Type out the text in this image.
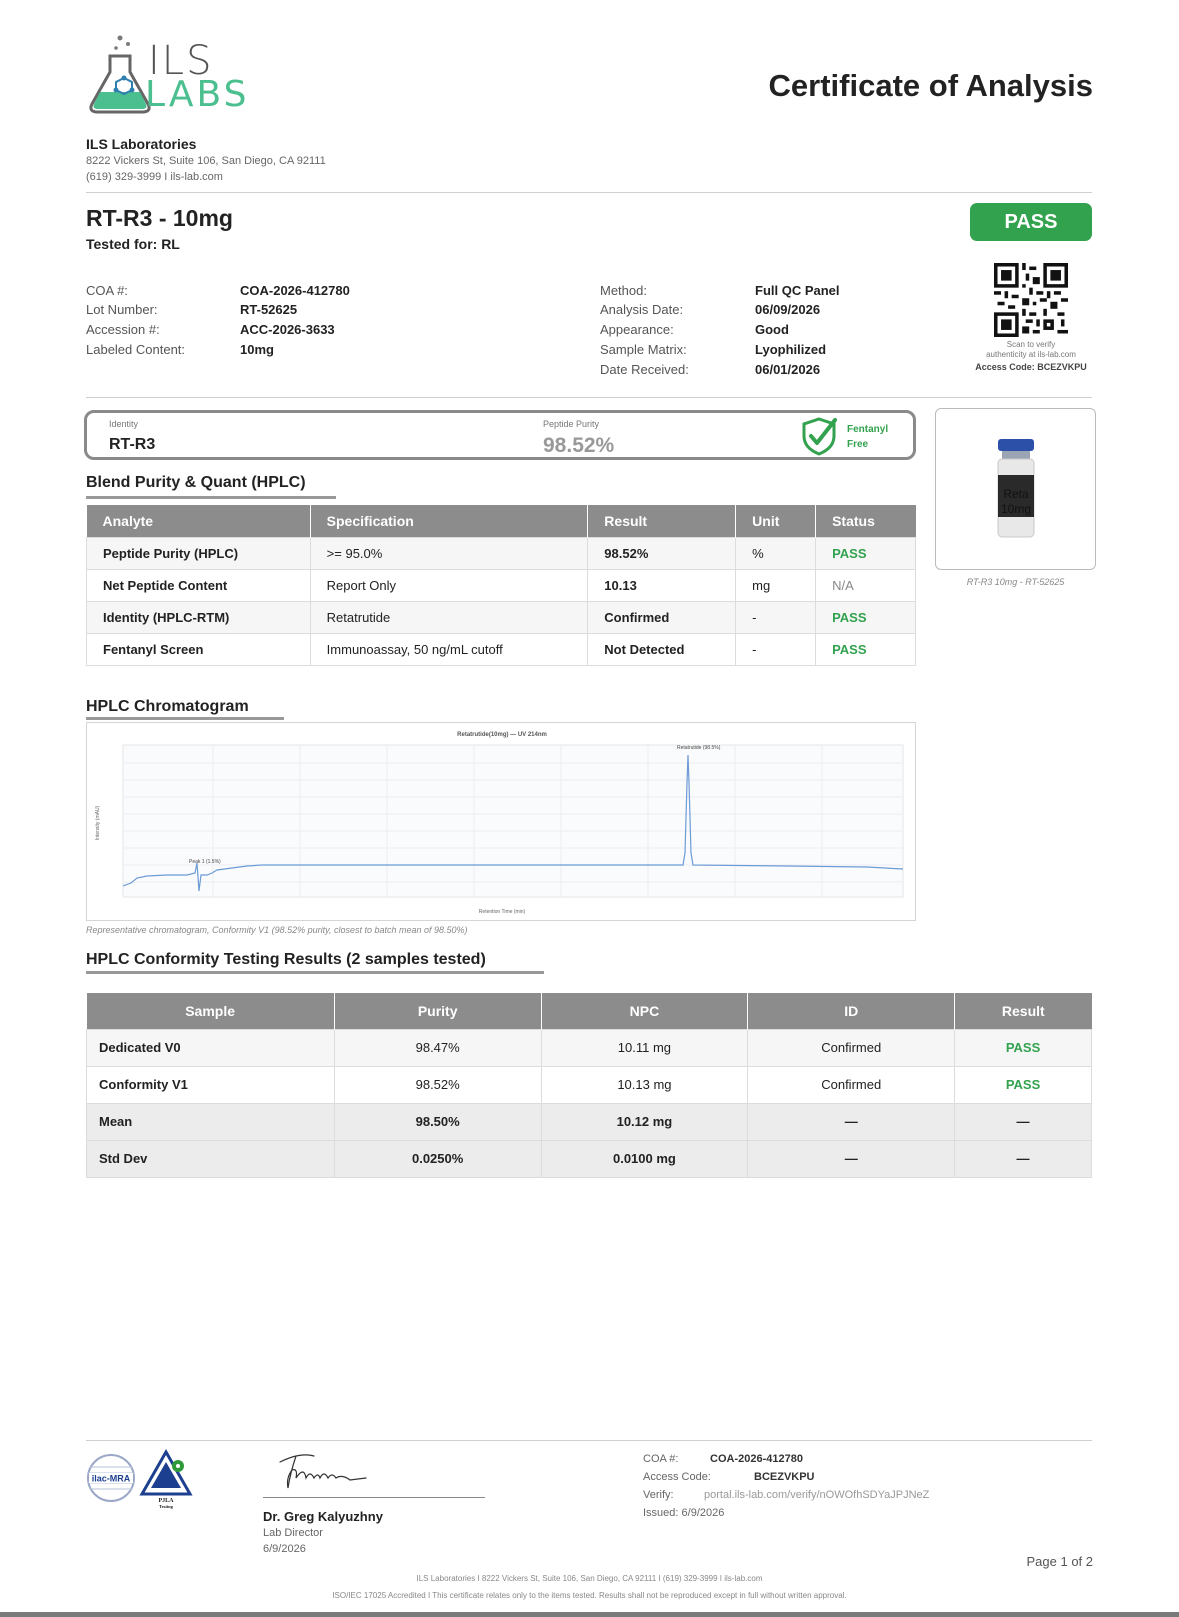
ILS
LABS	Certificate of Analysis
ILS Laboratories
8222 Vickers St, Suite 106, San Diego, CA 92111
(619) 329-3999 I ils-lab.com
RT-R3 - 10mg
Tested for: RL
PASS
COA #:	COA-2026-412780
Lot Number:	RT-52625
Accession #:	ACC-2026-3633
Labeled Content:	10mg
Method:	Full QC Panel
Analysis Date:	06/09/2026
Appearance:	Good
Sample Matrix:	Lyophilized
Date Received:	06/01/2026
Scan to verify
authenticity at ils-lab.com
Access Code: BCEZVKPU
Identity
RT-R3
Peptide Purity
98.52%
Fentanyl
Free
Reta
10mg
RT-R3 10mg - RT-52625
Blend Purity & Quant (HPLC)
Analyte	Specification	Result	Unit	Status
Peptide Purity (HPLC)	>= 95.0%	98.52%	%	PASS
Net Peptide Content	Report Only	10.13	mg	N/A
Identity (HPLC-RTM)	Retatrutide	Confirmed	-	PASS
Fentanyl Screen	Immunoassay, 50 ng/mL cutoff	Not Detected	-	PASS
HPLC Chromatogram
Retatrutide(10mg) — UV 214nm
Retention Time (min)
Intensity (mAU)
Peak 1 (1.5%)
Retatrutide (98.5%)
Representative chromatogram, Conformity V1 (98.52% purity, closest to batch mean of 98.50%)
HPLC Conformity Testing Results (2 samples tested)
Sample	Purity	NPC	ID	Result
Dedicated V0	98.47%	10.11 mg	Confirmed	PASS
Conformity V1	98.52%	10.13 mg	Confirmed	PASS
Mean	98.50%	10.12 mg	—	—
Std Dev	0.0250%	0.0100 mg	—	—
ilac-MRA
PJLA
Testing
Dr. Greg Kalyuzhny
Lab Director
6/9/2026
COA #:	COA-2026-412780
Access Code:	BCEZVKPU
Verify:	portal.ils-lab.com/verify/nOWOfhSDYaJPJNeZ
Issued: 6/9/2026
Page 1 of 2
ILS Laboratories I 8222 Vickers St, Suite 106, San Diego, CA 92111 I (619) 329-3999 I ils-lab.com
ISO/IEC 17025 Accredited I This certificate relates only to the items tested. Results shall not be reproduced except in full without written approval.
